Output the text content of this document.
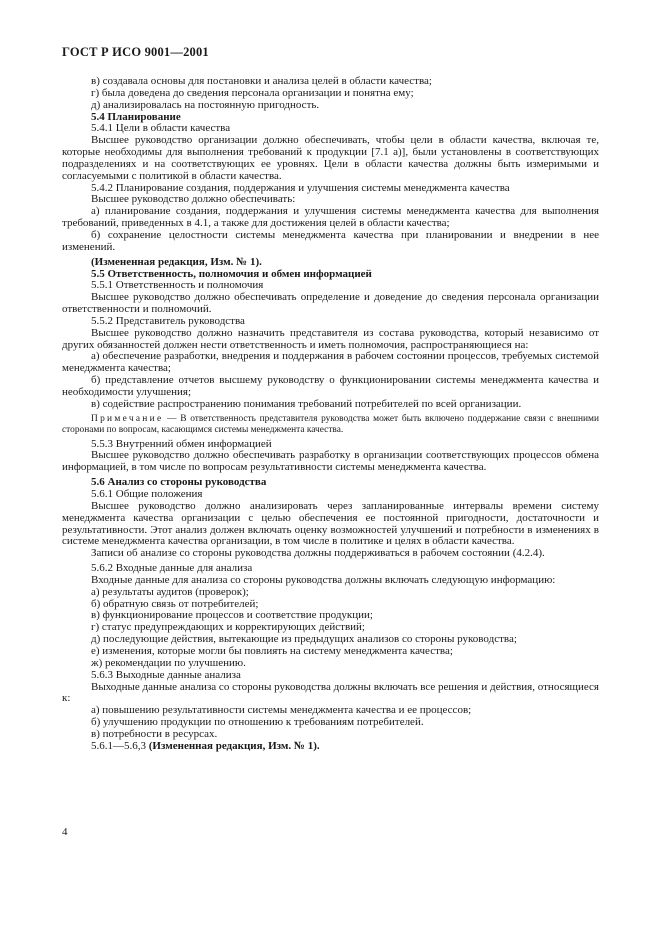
ГОСТ Р ИСО 9001—2001

в) создавала основы для постановки и анализа целей в области качества;

г) была доведена до сведения персонала организации и понятна ему;

д) анализировалась на постоянную пригодность.

5.4 Планирование

5.4.1 Цели в области качества

Высшее руководство организации должно обеспечивать, чтобы цели в области качества, включая те, которые необходимы для выполнения требований к продукции [7.1 а)], были установлены в соответствующих подразделениях и на соответствующих ее уровнях. Цели в области качества должны быть измеримыми и согласуемыми с политикой в области качества.

5.4.2 Планирование создания, поддержания и улучшения системы менеджмента качества

Высшее руководство должно обеспечивать:

а) планирование создания, поддержания и улучшения системы менеджмента качества для выполнения требований, приведенных в 4.1, а также для достижения целей в области качества;

б) сохранение целостности системы менеджмента качества при планировании и внедрении в нее изменений.

(Измененная редакция, Изм. № 1).

5.5 Ответственность, полномочия и обмен информацией

5.5.1 Ответственность и полномочия

Высшее руководство должно обеспечивать определение и доведение до сведения персонала организации ответственности и полномочий.

5.5.2 Представитель руководства

Высшее руководство должно назначить представителя из состава руководства, который независимо от других обязанностей должен нести ответственность и иметь полномочия, распространяющиеся на:

а) обеспечение разработки, внедрения и поддержания в рабочем состоянии процессов, требуемых системой менеджмента качества;

б) представление отчетов высшему руководству о функционировании системы менеджмента качества и необходимости улучшения;

в) содействие распространению понимания требований потребителей по всей организации.

Примечание — В ответственность представителя руководства может быть включено поддержание связи с внешними сторонами по вопросам, касающимся системы менеджмента качества.

5.5.3 Внутренний обмен информацией

Высшее руководство должно обеспечивать разработку в организации соответствующих процессов обмена информацией, в том числе по вопросам результативности системы менеджмента качества.

5.6 Анализ со стороны руководства

5.6.1 Общие положения

Высшее руководство должно анализировать через запланированные интервалы времени систему менеджмента качества организации с целью обеспечения ее постоянной пригодности, достаточности и результативности. Этот анализ должен включать оценку возможностей улучшений и потребности в изменениях в системе менеджмента качества организации, в том числе в политике и целях в области качества.

Записи об анализе со стороны руководства должны поддерживаться в рабочем состоянии (4.2.4).

5.6.2 Входные данные для анализа

Входные данные для анализа со стороны руководства должны включать следующую информацию:

а) результаты аудитов (проверок);

б) обратную связь от потребителей;

в) функционирование процессов и соответствие продукции;

г) статус предупреждающих и корректирующих действий;

д) последующие действия, вытекающие из предыдущих анализов со стороны руководства;

е) изменения, которые могли бы повлиять на систему менеджмента качества;

ж) рекомендации по улучшению.

5.6.3 Выходные данные анализа

Выходные данные анализа со стороны руководства должны включать все решения и действия, относящиеся к:

а) повышению результативности системы менеджмента качества и ее процессов;

б) улучшению продукции по отношению к требованиям потребителей.

в) потребности в ресурсах.

5.6.1—5.6,3 (Измененная редакция, Изм. № 1).

4
